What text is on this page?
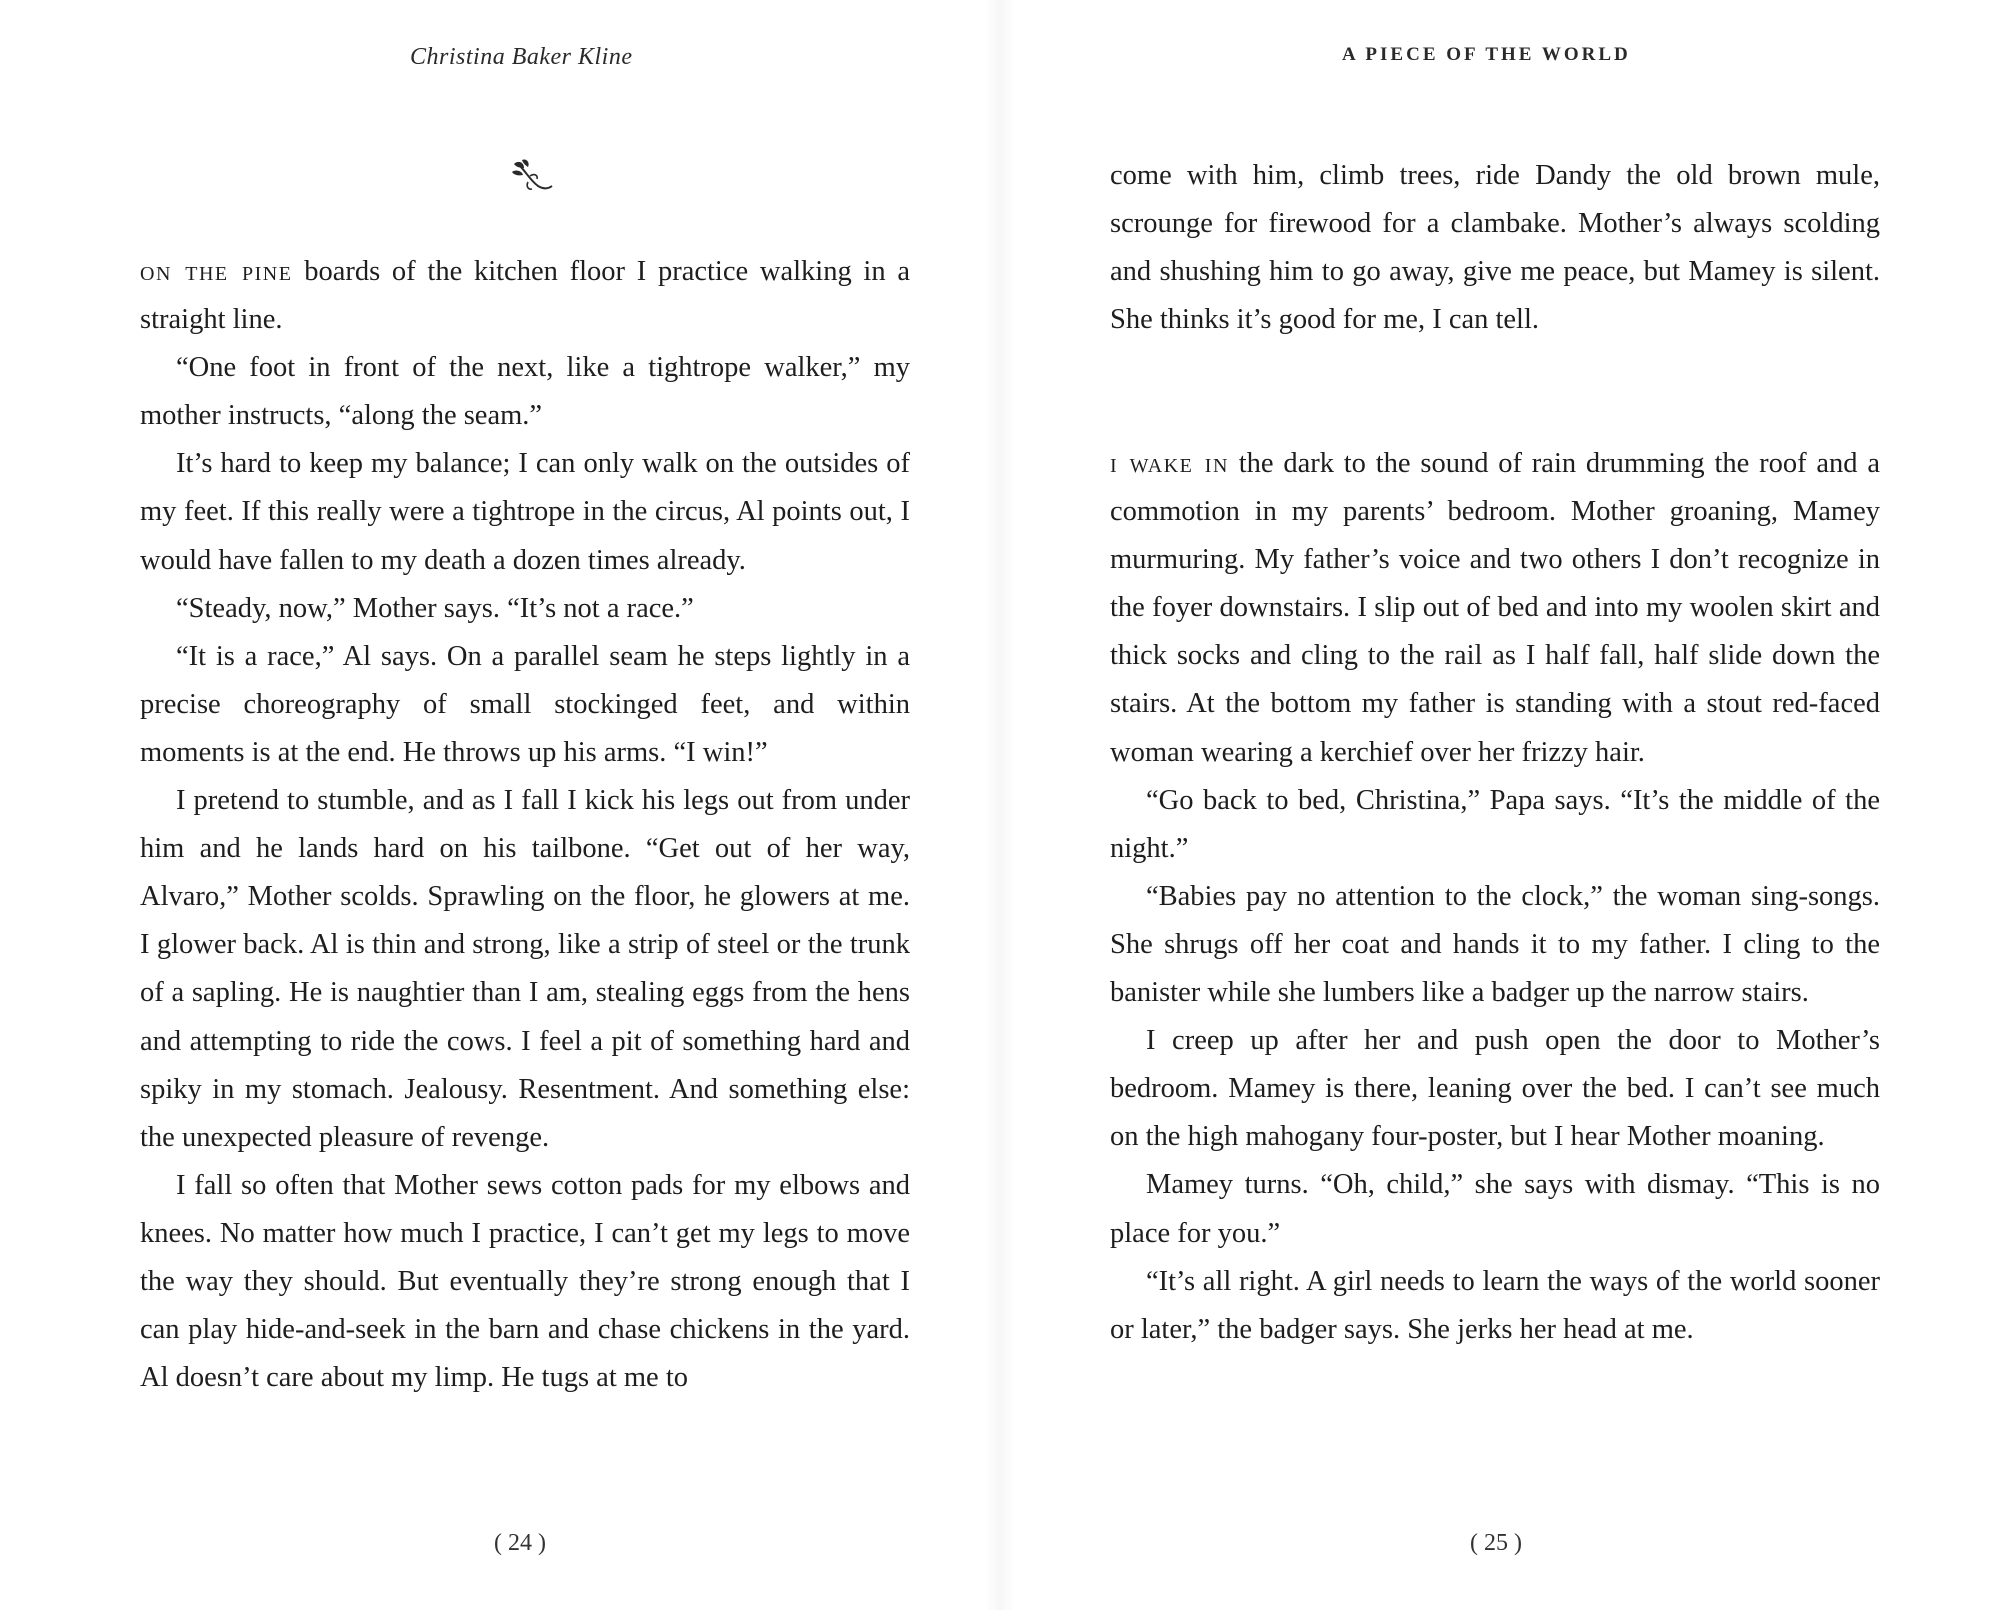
Christina Baker Kline

on the pine boards of the kitchen floor I practice walking in a straight line.

“One foot in front of the next, like a tightrope walker,” my mother instructs, “along the seam.”

It’s hard to keep my balance; I can only walk on the outsides of my feet. If this really were a tightrope in the circus, Al points out, I would have fallen to my death a dozen times already.

“Steady, now,” Mother says. “It’s not a race.”

“It is a race,” Al says. On a parallel seam he steps lightly in a precise choreography of small stockinged feet, and within moments is at the end. He throws up his arms. “I win!”

I pretend to stumble, and as I fall I kick his legs out from under him and he lands hard on his tailbone. “Get out of her way, Alvaro,” Mother scolds. Sprawling on the floor, he glowers at me. I glower back. Al is thin and strong, like a strip of steel or the trunk of a sapling. He is naughtier than I am, stealing eggs from the hens and attempting to ride the cows. I feel a pit of something hard and spiky in my stomach. Jealousy. Resentment. And something else: the unexpected pleasure of revenge.

I fall so often that Mother sews cotton pads for my elbows and knees. No matter how much I practice, I can’t get my legs to move the way they should. But eventually they’re strong enough that I can play hide-and-seek in the barn and chase chickens in the yard. Al doesn’t care about my limp. He tugs at me to

( 24 )
A PIECE OF THE WORLD

come with him, climb trees, ride Dandy the old brown mule, scrounge for firewood for a clambake. Mother’s always scolding and shushing him to go away, give me peace, but Mamey is silent. She thinks it’s good for me, I can tell.

i wake in the dark to the sound of rain drumming the roof and a commotion in my parents’ bedroom. Mother groaning, Mamey murmuring. My father’s voice and two others I don’t recognize in the foyer downstairs. I slip out of bed and into my woolen skirt and thick socks and cling to the rail as I half fall, half slide down the stairs. At the bottom my father is standing with a stout red-faced woman wearing a kerchief over her frizzy hair.

“Go back to bed, Christina,” Papa says. “It’s the middle of the night.”

“Babies pay no attention to the clock,” the woman sing-songs. She shrugs off her coat and hands it to my father. I cling to the banister while she lumbers like a badger up the narrow stairs.

I creep up after her and push open the door to Mother’s bedroom. Mamey is there, leaning over the bed. I can’t see much on the high mahogany four-poster, but I hear Mother moaning.

Mamey turns. “Oh, child,” she says with dismay. “This is no place for you.”

“It’s all right. A girl needs to learn the ways of the world sooner or later,” the badger says. She jerks her head at me.

( 25 )
